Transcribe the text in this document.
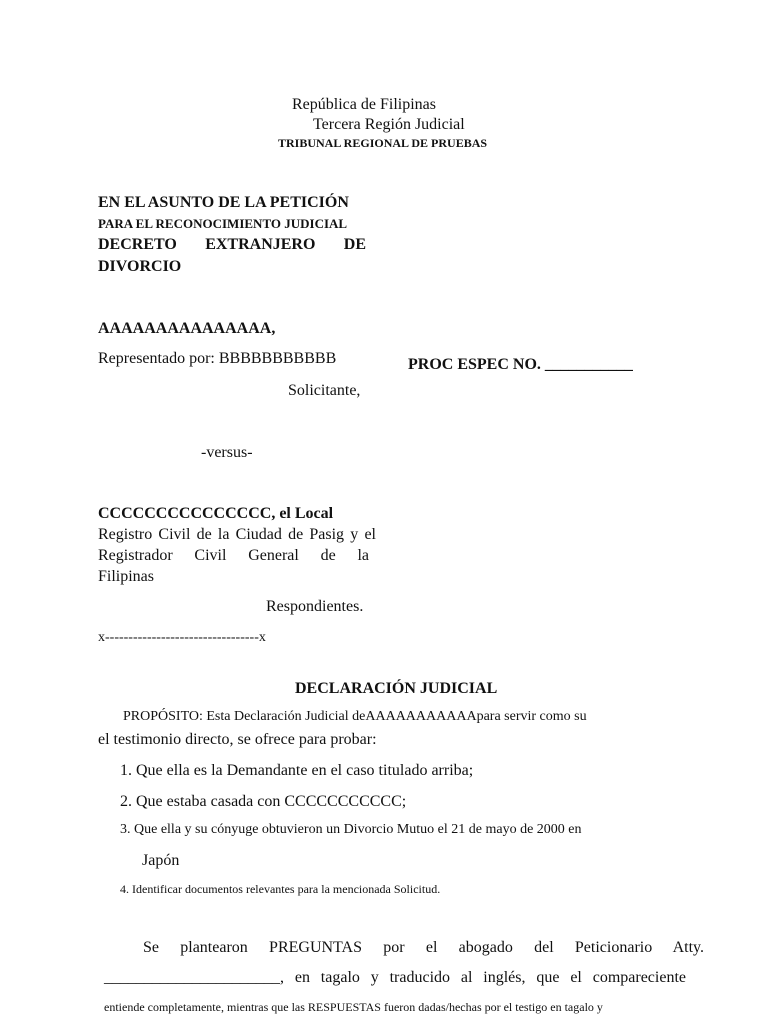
República de Filipinas
Tercera Región Judicial
TRIBUNAL REGIONAL DE PRUEBAS
EN EL ASUNTO DE LA PETICIÓN
PARA EL RECONOCIMIENTO JUDICIAL
DECRETO EXTRANJERO DE
DIVORCIO
AAAAAAAAAAAAAAA,
Representado por: BBBBBBBBBBB
Solicitante,
PROC ESPEC NO. ___________
-versus-
CCCCCCCCCCCCCCC, el Local
Registro Civil de la Ciudad de Pasig y el
Registrador Civil General de la
Filipinas
Respondientes.
x---------------------------------x
DECLARACIÓN JUDICIAL
PROPÓSITO: Esta Declaración Judicial deAAAAAAAAAAApara servir como su
el testimonio directo, se ofrece para probar:
1. Que ella es la Demandante en el caso titulado arriba;
2. Que estaba casada con CCCCCCCCCCC;
3. Que ella y su cónyuge obtuvieron un Divorcio Mutuo el 21 de mayo de 2000 en
Japón
4. Identificar documentos relevantes para la mencionada Solicitud.
Se plantearon PREGUNTAS por el abogado del Peticionario Atty.
______________________, en tagalo y traducido al inglés, que el compareciente
entiende completamente, mientras que las RESPUESTAS fueron dadas/hechas por el testigo en tagalo y
